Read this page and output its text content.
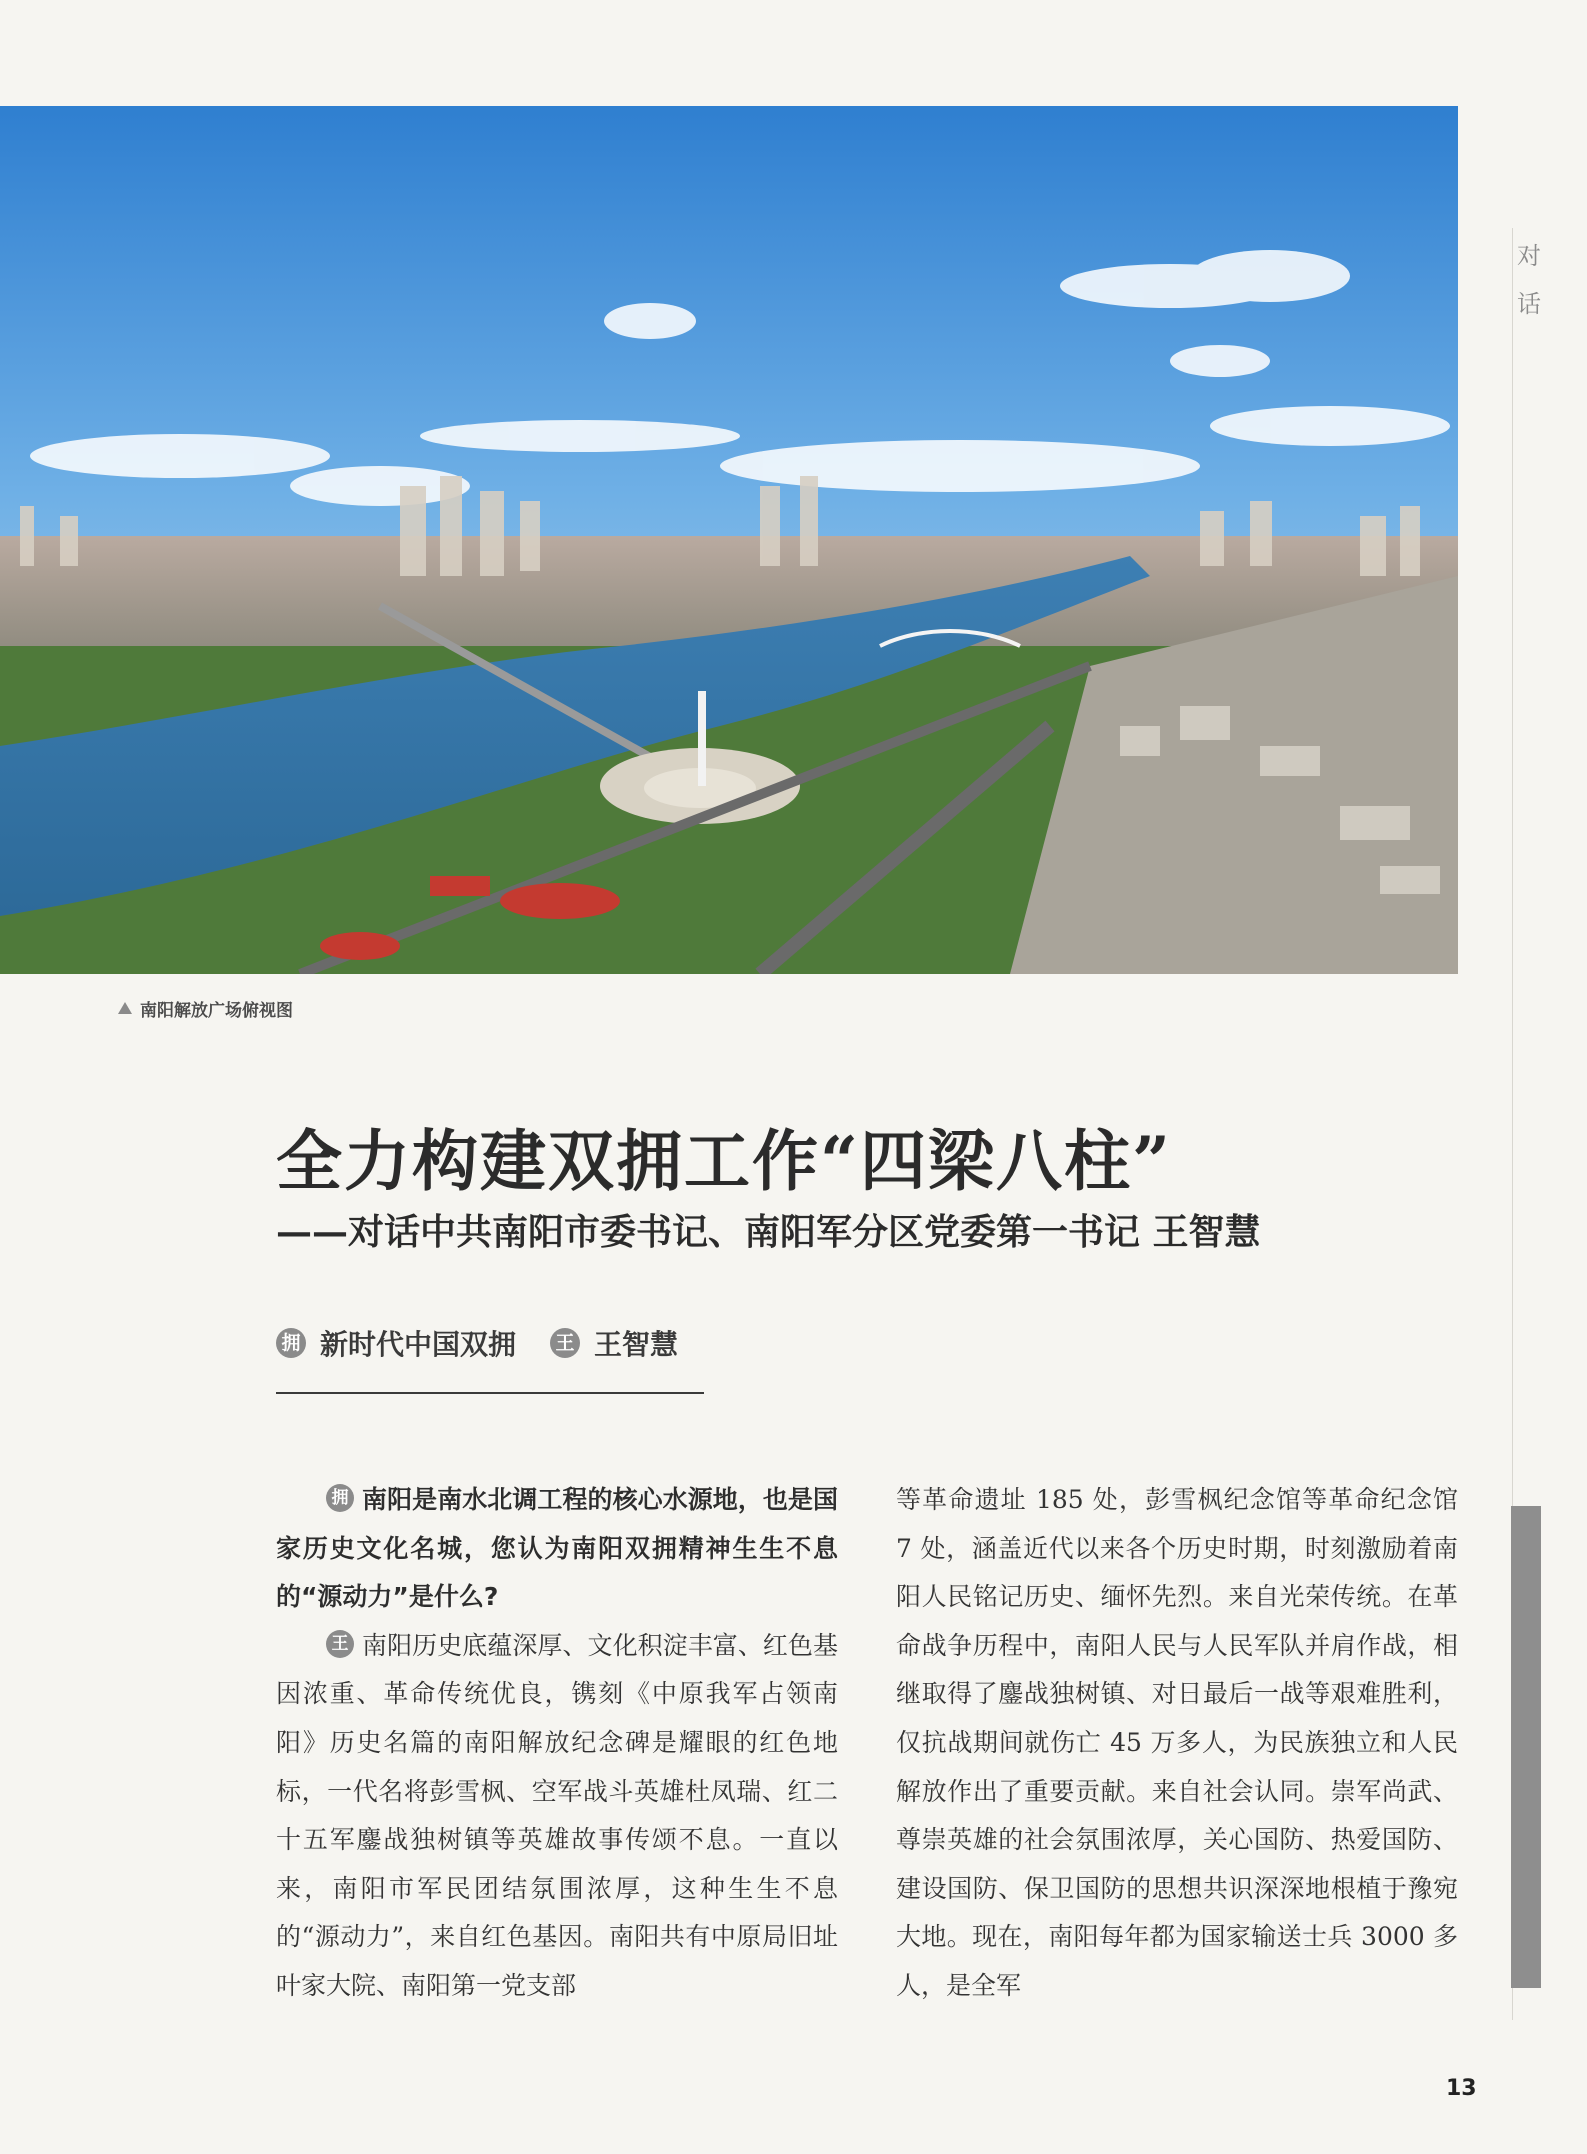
南阳解放广场俯视图
对话
全力构建双拥工作“四梁八柱”
——对话中共南阳市委书记、南阳军分区党委第一书记 王智慧
拥 新时代中国双拥 王 王智慧

拥 南阳是南水北调工程的核心水源地，也是国家历史文化名城，您认为南阳双拥精神生生不息的“源动力”是什么?

王 南阳历史底蕴深厚、文化积淀丰富、红色基因浓重、革命传统优良，镌刻《中原我军占领南阳》历史名篇的南阳解放纪念碑是耀眼的红色地标，一代名将彭雪枫、空军战斗英雄杜凤瑞、红二十五军鏖战独树镇等英雄故事传颂不息。一直以来，南阳市军民团结氛围浓厚，这种生生不息的“源动力”，来自红色基因。南阳共有中原局旧址叶家大院、南阳第一党支部

等革命遗址 185 处，彭雪枫纪念馆等革命纪念馆 7 处，涵盖近代以来各个历史时期，时刻激励着南阳人民铭记历史、缅怀先烈。来自光荣传统。在革命战争历程中，南阳人民与人民军队并肩作战，相继取得了鏖战独树镇、对日最后一战等艰难胜利，仅抗战期间就伤亡 45 万多人，为民族独立和人民解放作出了重要贡献。来自社会认同。崇军尚武、尊崇英雄的社会氛围浓厚，关心国防、热爱国防、建设国防、保卫国防的思想共识深深地根植于豫宛大地。现在，南阳每年都为国家输送士兵 3000 多人，是全军

13
